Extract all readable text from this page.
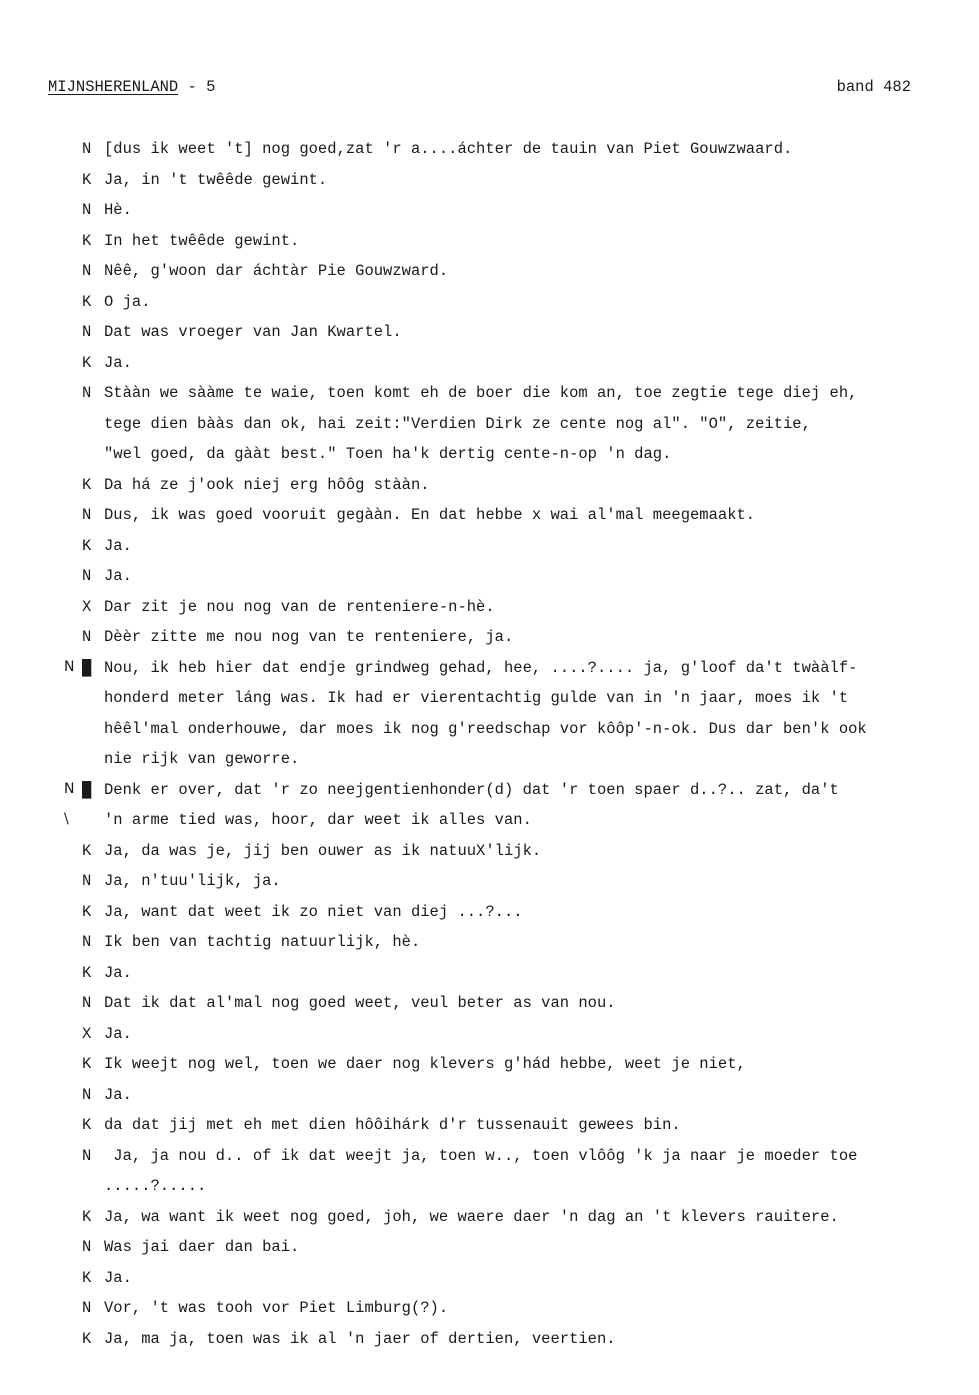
MIJNSHERENLAND - 5	band 482
N [dus ik weet 't] nog goed,zat 'r a....áchter de tauin van Piet Gouwzwaard.
K Ja, in 't twêêde gewint.
N Hè.
K In het twêêde gewint.
N Nêê, g'woon dar áchtàr Pie Gouwzward.
K O ja.
N Dat was vroeger van Jan Kwartel.
K Ja.
N Stààn we sààme te waie, toen komt eh de boer die kom an, toe zegtie tege diej eh,
tege dien bààs dan ok, hai zeit:"Verdien Dirk ze cente nog al". "O", zeitie,
"wel goed, da gààt best." Toen ha'k dertig cente-n-op 'n dag.
K Da há ze j'ook niej erg hôôg stààn.
N Dus, ik was goed vooruit gegààn. En dat hebbe x wai al'mal meegemaakt.
K Ja.
N Ja.
X Dar zit je nou nog van de renteniere-n-hè.
N Dèèr zitte me nou nog van te renteniere, ja.
N █ Nou, ik heb hier dat endje grindweg gehad, hee, ....?.... ja, g'loof da't twààlf-
honderd meter láng was. Ik had er vierentachtig gulde van in 'n jaar, moes ik 't
hêêl'mal onderhouwe, dar moes ik nog g'reedschap vor kôôp'-n-ok. Dus dar ben'k ook
nie rijk van geworre.
N █ Denk er over, dat 'r zo neejgentienhonder(d) dat 'r toen spaer d..?.. zat, da't
\ 'n arme tied was, hoor, dar weet ik alles van.
K Ja, da was je, jij ben ouwer as ik natuuX'lijk.
N Ja, n'tuu'lijk, ja.
K Ja, want dat weet ik zo niet van diej ...?...
N Ik ben van tachtig natuurlijk, hè.
K Ja.
N Dat ik dat al'mal nog goed weet, veul beter as van nou.
X Ja.
K Ik weejt nog wel, toen we daer nog klevers g'hád hebbe, weet je niet,
N Ja.
K da dat jij met eh met dien hôôihárk d'r tussenauit gewees bin.
N Ja, ja nou d.. of ik dat weejt ja, toen w.., toen vlôôg 'k ja naar je moeder toe
.....?.....
K Ja, wa want ik weet nog goed, joh, we waere daer 'n dag an 't klevers rauitere.
N Was jai daer dan bai.
K Ja.
N Vor, 't was tooh vor Piet Limburg(?).
K Ja, ma ja, toen was ik al 'n jaer of dertien, veertien.
